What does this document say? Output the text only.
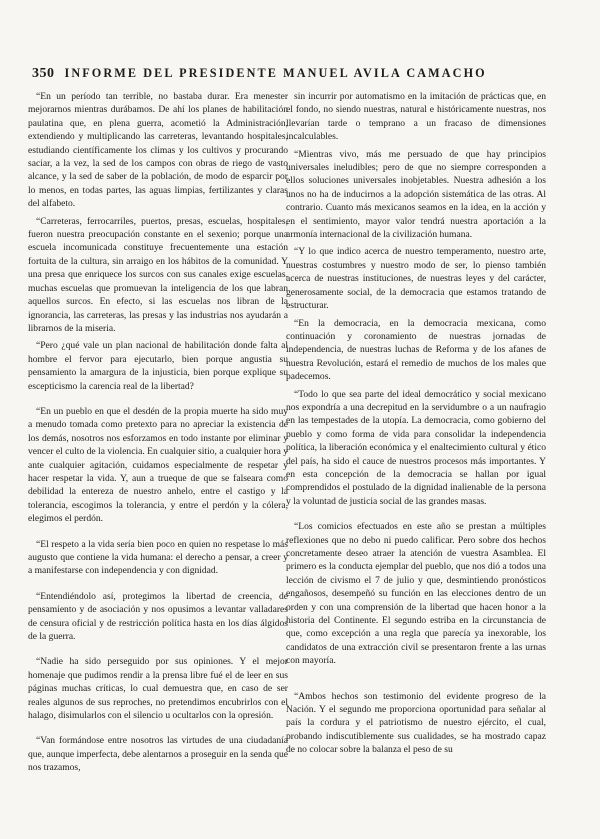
350 INFORME DEL PRESIDENTE MANUEL AVILA CAMACHO

“En un período tan terrible, no bastaba durar. Era menester mejorarnos mientras durábamos. De ahí los planes de habilitación paulatina que, en plena guerra, acometió la Administración, extendiendo y multiplicando las carreteras, levantando hospitales, estudiando científicamente los climas y los cultivos y procurando saciar, a la vez, la sed de los campos con obras de riego de vasto alcance, y la sed de saber de la población, de modo de esparcir por lo menos, en todas partes, las aguas limpias, fertilizantes y claras del alfabeto.

“Carreteras, ferrocarriles, puertos, presas, escuelas, hospitales, fueron nuestra preocupación constante en el sexenio; porque una escuela incomunicada constituye frecuentemente una estación fortuita de la cultura, sin arraigo en los hábitos de la comunidad. Y una presa que enriquece los surcos con sus canales exige escuelas, muchas escuelas que promuevan la inteligencia de los que labran aquellos surcos. En efecto, si las escuelas nos libran de la ignorancia, las carreteras, las presas y las industrias nos ayudarán a librarnos de la miseria.

“Pero ¿qué vale un plan nacional de habilitación donde falta al hombre el fervor para ejecutarlo, bien porque angustia su pensamiento la amargura de la injusticia, bien porque explique su escepticismo la carencia real de la libertad?

“En un pueblo en que el desdén de la propia muerte ha sido muy a menudo tomada como pretexto para no apreciar la existencia de los demás, nosotros nos esforzamos en todo instante por eliminar y vencer el culto de la violencia. En cualquier sitio, a cualquier hora y ante cualquier agitación, cuidamos especialmente de respetar y hacer respetar la vida. Y, aun a trueque de que se falseara como debilidad la entereza de nuestro anhelo, entre el castigo y la tolerancia, escogimos la tolerancia, y entre el perdón y la cólera, elegimos el perdón.

“El respeto a la vida sería bien poco en quien no respetase lo más augusto que contiene la vida humana: el derecho a pensar, a creer y a manifestarse con independencia y con dignidad.

“Entendiéndolo así, protegimos la libertad de creencia, de pensamiento y de asociación y nos opusimos a levantar valladares de censura oficial y de restricción política hasta en los días álgidos de la guerra.

“Nadie ha sido perseguido por sus opiniones. Y el mejor homenaje que pudimos rendir a la prensa libre fué el de leer en sus páginas muchas críticas, lo cual demuestra que, en caso de ser reales algunos de sus reproches, no pretendimos encubrirlos con el halago, disimularlos con el silencio u ocultarlos con la opresión.

“Van formándose entre nosotros las virtudes de una ciudadanía que, aunque imperfecta, debe alentarnos a proseguir en la senda que nos trazamos,

sin incurrir por automatismo en la imitación de prácticas que, en el fondo, no siendo nuestras, natural e históricamente nuestras, nos llevarían tarde o temprano a un fracaso de dimensiones incalculables.

“Mientras vivo, más me persuado de que hay principios universales ineludibles; pero de que no siempre corresponden a ellos soluciones universales inobjetables. Nuestra adhesión a los unos no ha de inducirnos a la adopción sistemática de las otras. Al contrario. Cuanto más mexicanos seamos en la idea, en la acción y en el sentimiento, mayor valor tendrá nuestra aportación a la armonía internacional de la civilización humana.

“Y lo que indico acerca de nuestro temperamento, nuestro arte, nuestras costumbres y nuestro modo de ser, lo pienso también acerca de nuestras instituciones, de nuestras leyes y del carácter, generosamente social, de la democracia que estamos tratando de estructurar.

“En la democracia, en la democracia mexicana, como continuación y coronamiento de nuestras jornadas de independencia, de nuestras luchas de Reforma y de los afanes de nuestra Revolución, estará el remedio de muchos de los males que padecemos.

“Todo lo que sea parte del ideal democrático y social mexicano nos expondría a una decrepitud en la servidumbre o a un naufragio en las tempestades de la utopía. La democracia, como gobierno del pueblo y como forma de vida para consolidar la independencia política, la liberación económica y el enaltecimiento cultural y ético del país, ha sido el cauce de nuestros procesos más importantes. Y en esta concepción de la democracia se hallan por igual comprendidos el postulado de la dignidad inalienable de la persona y la voluntad de justicia social de las grandes masas.

“Los comicios efectuados en este año se prestan a múltiples reflexiones que no debo ni puedo calificar. Pero sobre dos hechos concretamente deseo atraer la atención de vuestra Asamblea. El primero es la conducta ejemplar del pueblo, que nos dió a todos una lección de civismo el 7 de julio y que, desmintiendo pronósticos engañosos, desempeñó su función en las elecciones dentro de un orden y con una comprensión de la libertad que hacen honor a la historia del Continente. El segundo estriba en la circunstancia de que, como excepción a una regla que parecía ya inexorable, los candidatos de una extracción civil se presentaron frente a las urnas con mayoría.

“Ambos hechos son testimonio del evidente progreso de la Nación. Y el segundo me proporciona oportunidad para señalar al país la cordura y el patriotismo de nuestro ejército, el cual, probando indiscutiblemente sus cualidades, se ha mostrado capaz de no colocar sobre la balanza el peso de su
